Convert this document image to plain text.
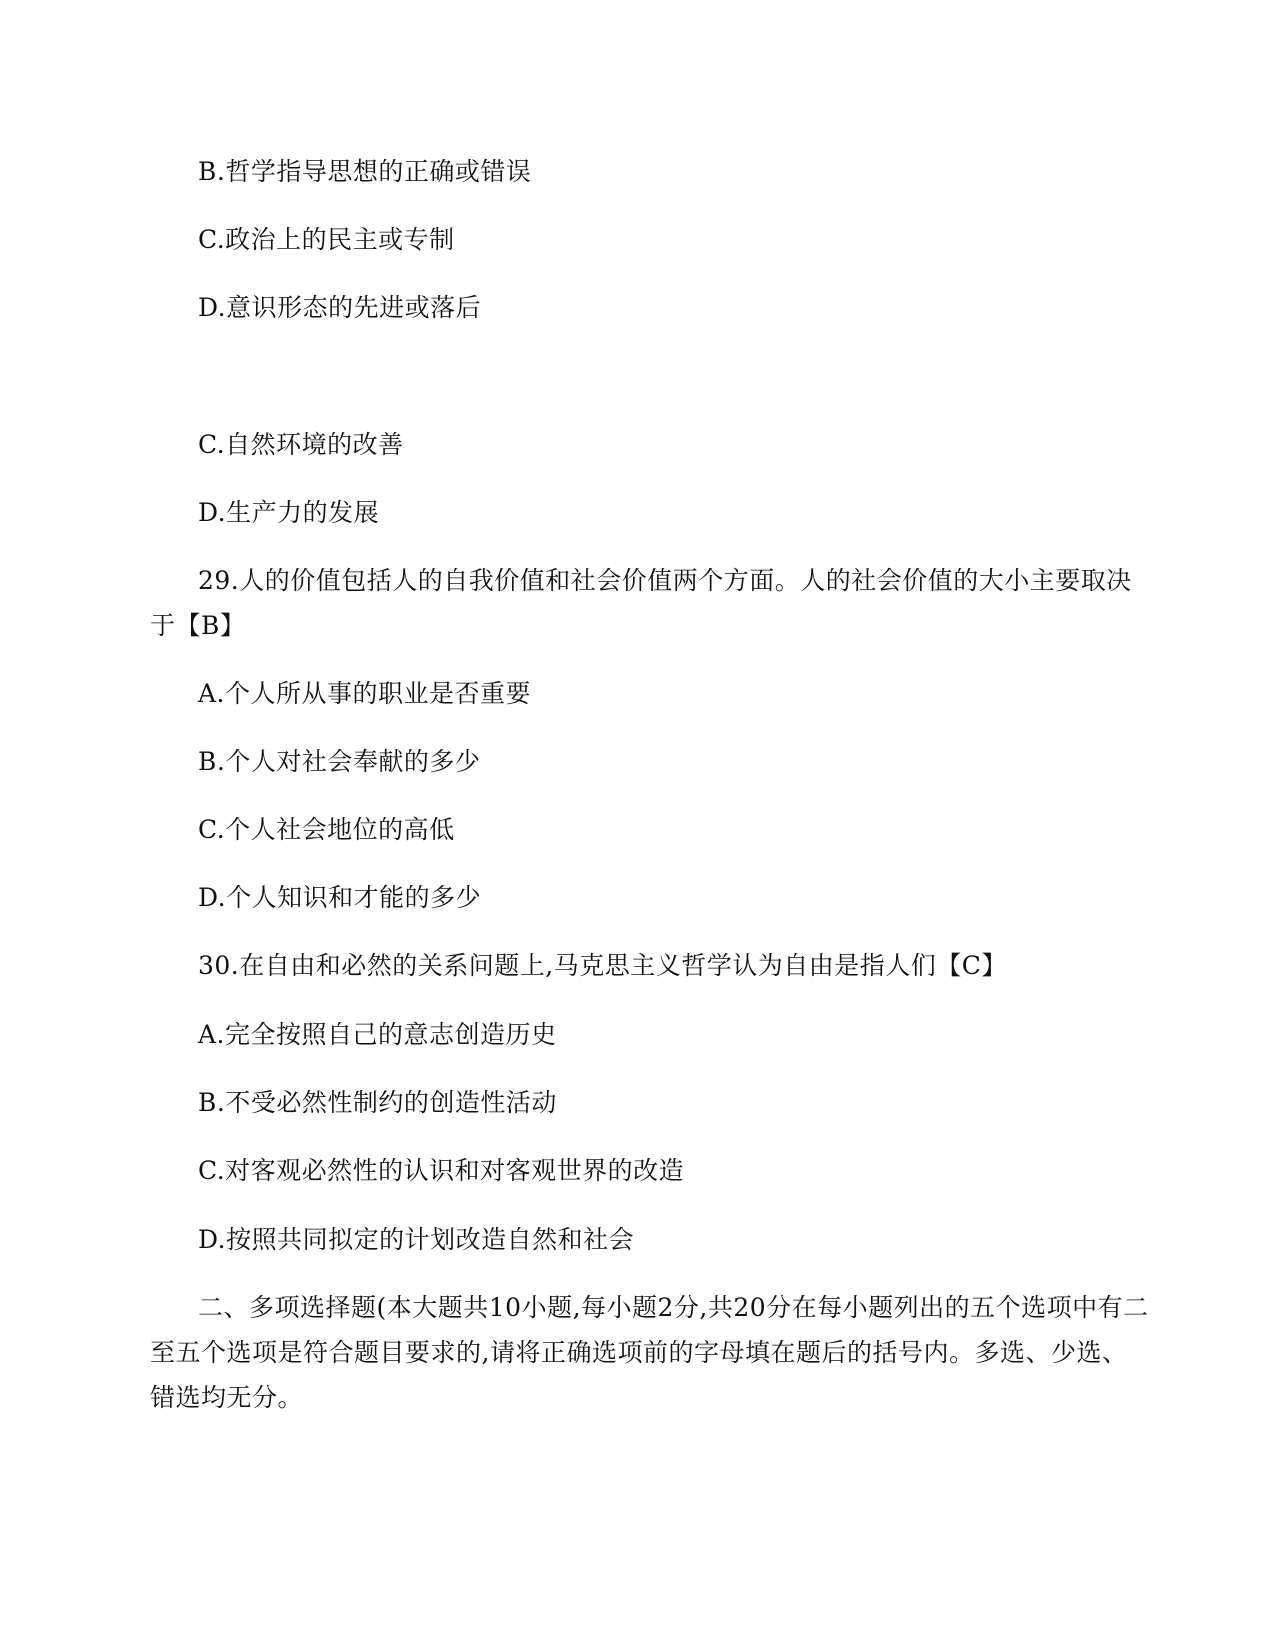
B.哲学指导思想的正确或错误
C.政治上的民主或专制
D.意识形态的先进或落后
C.自然环境的改善
D.生产力的发展
29.人的价值包括人的自我价值和社会价值两个方面。人的社会价值的大小主要取决
于【B】
A.个人所从事的职业是否重要
B.个人对社会奉献的多少
C.个人社会地位的高低
D.个人知识和才能的多少
30.在自由和必然的关系问题上,马克思主义哲学认为自由是指人们【C】
A.完全按照自己的意志创造历史
B.不受必然性制约的创造性活动
C.对客观必然性的认识和对客观世界的改造
D.按照共同拟定的计划改造自然和社会
二、多项选择题(本大题共10小题,每小题2分,共20分在每小题列出的五个选项中有二
至五个选项是符合题目要求的,请将正确选项前的字母填在题后的括号内。多选、少选、
错选均无分。
